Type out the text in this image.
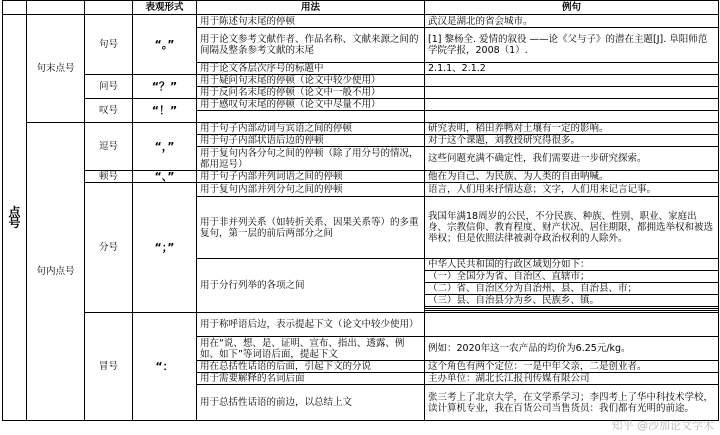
			表观形式	用法	例句
点号	句末点号	句号	“。”	用于陈述句末尾的停顿	武汉是湖北的省会城市。
				用于论文参考文献作者、作品名称、文献来源之间的间隔及整条参考文献的末尾	[1] 黎杨全. 爱情的叙役 ——论《父与子》的潜在主题[J]. 阜阳师范学院学报，2008（1）.
				用于论文各层次序号的标题中	2.1.1、2.1.2
		问号	“？”	用于疑问句末尾的停顿（论文中较少使用）	
				用于反问名末尾的停顿（论文中一般不用）	
		叹号	“！”	用于感叹句末尾的停顿（论文中尽量不用）	

	句内点号	逗号	“，”	用于句子内部动词与宾语之间的停顿	研究表明，稻田养鸭对土壤有一定的影响。
				用于句子内部状语后边的停顿	对于这个课题，刘教授研究得很多。
				用于复句内各分句之间的停顿（除了用分号的情况，都用逗号）	这些问题充满不确定性，我们需要进一步研究探索。
		顿号	“、”	用于句子内部并列词语之间的停顿	他在为自己、为民族、为人类的自由呐喊。
		分号	“；”	用于复句内部并列分句之间的停顿	语言，人们用来抒情达意；文字，人们用来记言记事。
				用于非并列关系（如转折关系、因果关系等）的多重复句，第一层的前后两部分之间	我国年满18周岁的公民，不分民族、种族、性别、职业、家庭出身、宗教信仰、教育程度、财产状况、居住期限，都拥选举权和被选举权；但是依照法律被剥夺政治权利的人除外。
				用于分行列举的各项之间	中华人民共和国的行政区域划分如下：
					（一）全国分为省、自治区、直辖市；
					（二）省、自治区分为自治州、县、自治县、市；
					（三）县、自治县分为乡、民族乡、镇。

		冒号	“：	用于称呼语后边，表示提起下文（论文中较少使用）	
				用在“说、想、是、证明、宣布、指出、透露、例如、如下”等词语后面，提起下文	例如：2020年这一农产品的均价为6.25元/kg。
				用在总括性话语的后面，引起下文的分说	这个角色有两个定位：一是中年父亲，二是创业者。
				用于需要解释的名词后面	主办单位：湖北长江报刊传媒有限公司
				用于总括性话语的前边，以总结上文	张三考上了北京大学，在文学系学习；李四考上了华中科技术学校，读计算机专业，我在百货公司当售货员：我们都有光明的前途。
知乎 @沙加论文学术
